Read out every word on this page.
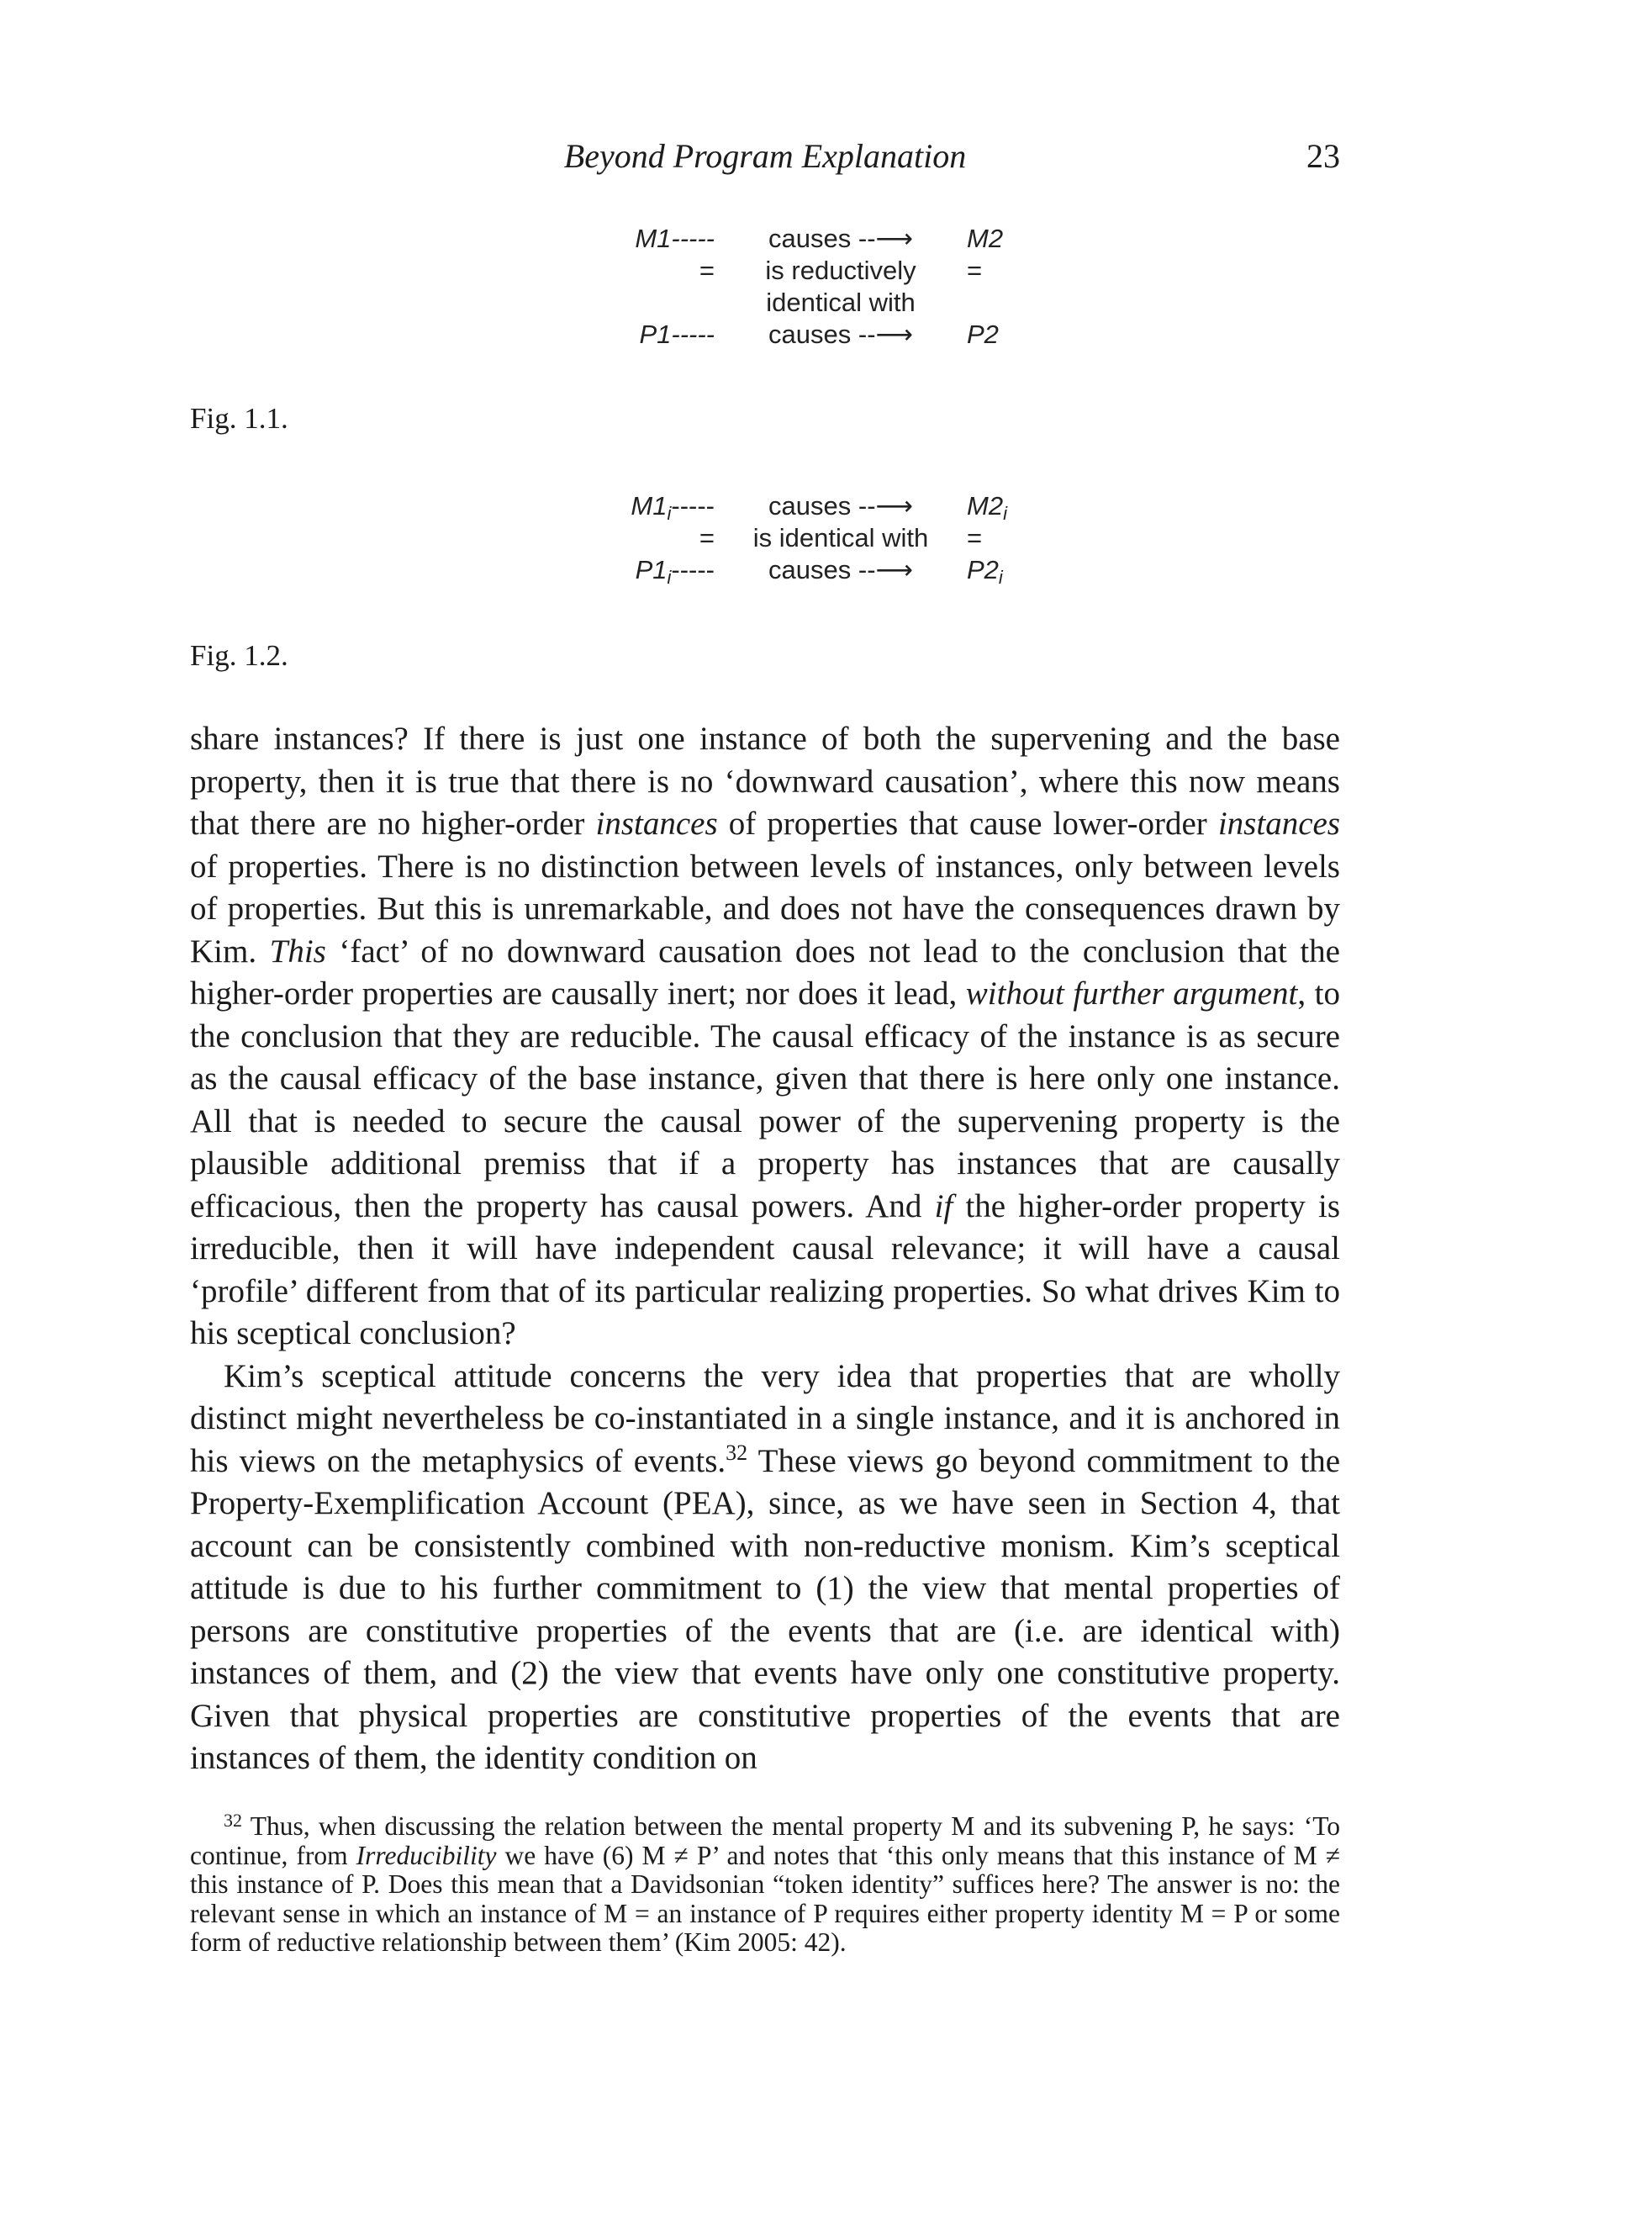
Beyond Program Explanation	23
M1-----	causes --⟶	M2
=	is reductively	=
identical with
P1-----	causes --⟶	P2
Fig. 1.1.
$M1_i-----$	causes --⟶	$M2_i$
=	is identical with	=
$P1_i-----$	causes --⟶	$P2_i$
Fig. 1.2.

share instances? If there is just one instance of both the supervening and the base property, then it is true that there is no ‘downward causation’, where this now means that there are no higher-order instances of properties that cause lower-order instances of properties. There is no distinction between levels of instances, only between levels of properties. But this is unremarkable, and does not have the consequences drawn by Kim. This ‘fact’ of no downward causation does not lead to the conclusion that the higher-order properties are causally inert; nor does it lead, without further argument, to the conclusion that they are reducible. The causal efficacy of the instance is as secure as the causal efficacy of the base instance, given that there is here only one instance. All that is needed to secure the causal power of the supervening property is the plausible additional premiss that if a property has instances that are causally efficacious, then the property has causal powers. And if the higher-order property is irreducible, then it will have independent causal relevance; it will have a causal ‘profile’ different from that of its particular realizing properties. So what drives Kim to his sceptical conclusion?

Kim’s sceptical attitude concerns the very idea that properties that are wholly distinct might nevertheless be co-instantiated in a single instance, and it is anchored in his views on the metaphysics of events.$^{32}$ These views go beyond commitment to the Property-Exemplification Account (PEA), since, as we have seen in Section 4, that account can be consistently combined with non-reductive monism. Kim’s sceptical attitude is due to his further commitment to (1) the view that mental properties of persons are constitutive properties of the events that are (i.e. are identical with) instances of them, and (2) the view that events have only one constitutive property. Given that physical properties are constitutive properties of the events that are instances of them, the identity condition on

$^{32}$ Thus, when discussing the relation between the mental property M and its subvening P, he says: ‘To continue, from Irreducibility we have (6) M ≠ P’ and notes that ‘this only means that this instance of M ≠ this instance of P. Does this mean that a Davidsonian “token identity” suffices here? The answer is no: the relevant sense in which an instance of M = an instance of P requires either property identity M = P or some form of reductive relationship between them’ (Kim 2005: 42).
